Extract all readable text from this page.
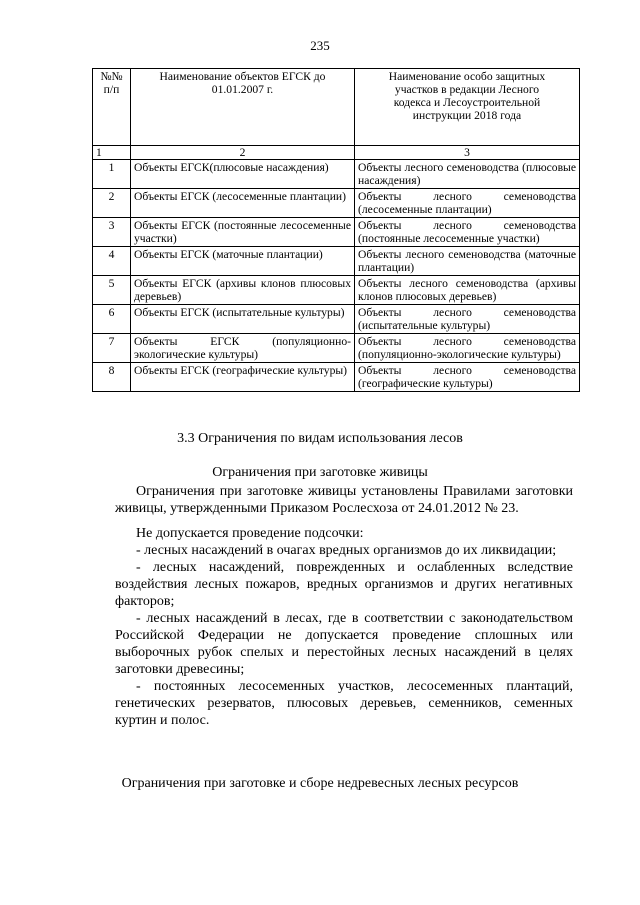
235
№№ п/п	Наименование объектов ЕГСК до 01.01.2007 г.	Наименование особо защитных участков в редакции Лесного кодекса и Лесоустроительной инструкции 2018 года
1	2	3
1	Объекты ЕГСК(плюсовые насаждения)	Объекты лесного семеноводства (плюсовые насаждения)
2	Объекты ЕГСК (лесосеменные плантации)	Объекты лесного семеноводства (лесосеменные плантации)
3	Объекты ЕГСК (постоянные лесосеменные участки)	Объекты лесного семеноводства (постоянные лесосеменные участки)
4	Объекты ЕГСК (маточные плантации)	Объекты лесного семеноводства (маточные плантации)
5	Объекты ЕГСК (архивы клонов плюсовых деревьев)	Объекты лесного семеноводства (архивы клонов плюсовых деревьев)
6	Объекты ЕГСК (испытательные культуры)	Объекты лесного семеноводства (испытательные культуры)
7	Объекты ЕГСК (популяционно-экологические культуры)	Объекты лесного семеноводства (популяционно-экологические культуры)
8	Объекты ЕГСК (географические культуры)	Объекты лесного семеноводства (географические культуры)
3.3 Ограничения по видам использования лесов
Ограничения при заготовке живицы

Ограничения при заготовке живицы установлены Правилами заготовки живицы, утвержденными Приказом Рослесхоза от 24.01.2012 № 23.

Не допускается проведение подсочки:

- лесных насаждений в очагах вредных организмов до их ликвидации;

- лесных насаждений, поврежденных и ослабленных вследствие воздействия лесных пожаров, вредных организмов и других негативных факторов;

- лесных насаждений в лесах, где в соответствии с законодательством Российской Федерации не допускается проведение сплошных или выборочных рубок спелых и перестойных лесных насаждений в целях заготовки древесины;

- постоянных лесосеменных участков, лесосеменных плантаций, генетических резерватов, плюсовых деревьев, семенников, семенных куртин и полос.

Ограничения при заготовке и сборе недревесных лесных ресурсов
